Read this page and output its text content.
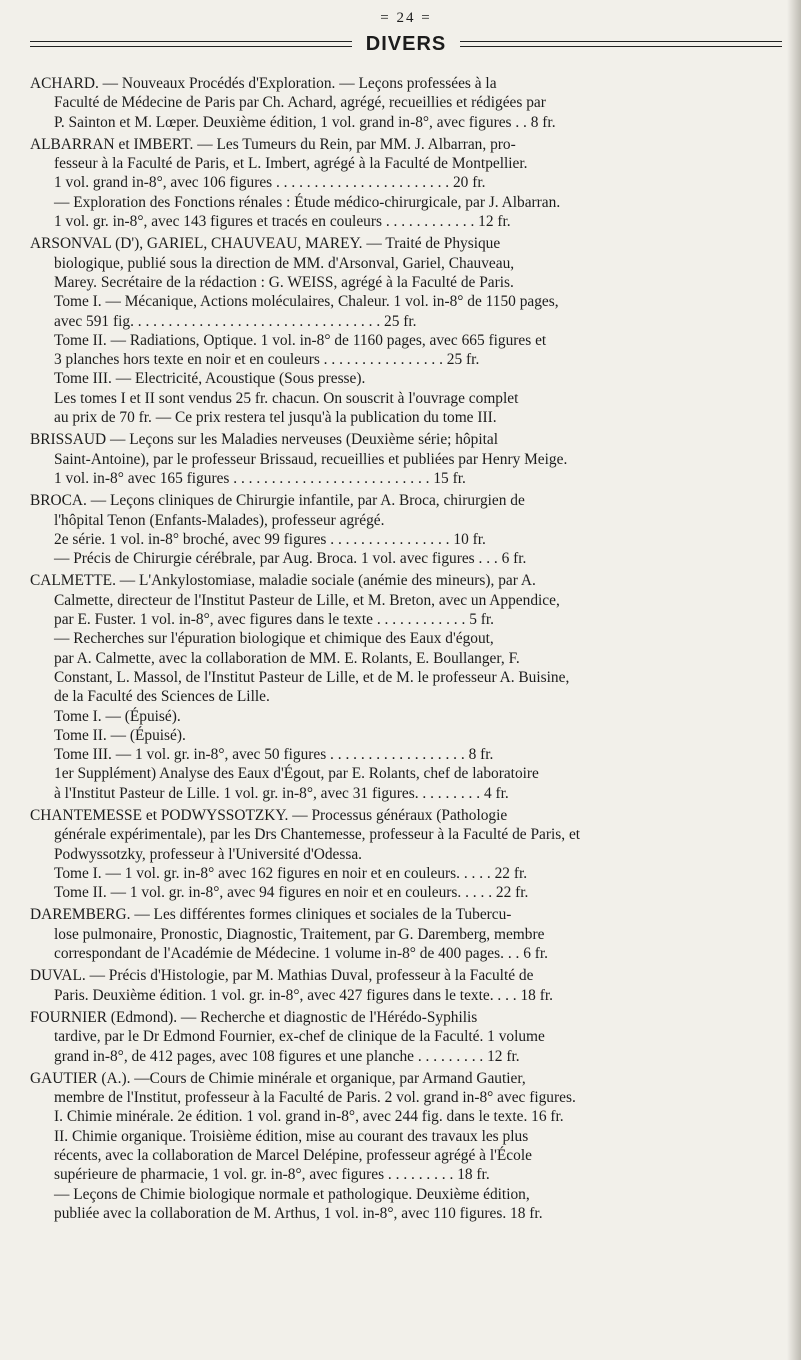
= 24 =
DIVERS
ACHARD. — Nouveaux Procédés d'Exploration. — Leçons professées à la
Faculté de Médecine de Paris par Ch. Achard, agrégé, recueillies et rédigées par
P. Sainton et M. Lœper. Deuxième édition, 1 vol. grand in-8°, avec figures . . 8 fr.
ALBARRAN et IMBERT. — Les Tumeurs du Rein, par MM. J. Albarran, pro-
fesseur à la Faculté de Paris, et L. Imbert, agrégé à la Faculté de Montpellier.
1 vol. grand in-8°, avec 106 figures . . . . . . . . . . . . . . . . . . . . . . . 20 fr.
— Exploration des Fonctions rénales : Étude médico-chirurgicale, par J. Albarran.
1 vol. gr. in-8°, avec 143 figures et tracés en couleurs . . . . . . . . . . . . 12 fr.
ARSONVAL (D'), GARIEL, CHAUVEAU, MAREY. — Traité de Physique
biologique, publié sous la direction de MM. d'Arsonval, Gariel, Chauveau,
Marey. Secrétaire de la rédaction : G. WEISS, agrégé à la Faculté de Paris.
Tome I. — Mécanique, Actions moléculaires, Chaleur. 1 vol. in-8° de 1150 pages,
avec 591 fig. . . . . . . . . . . . . . . . . . . . . . . . . . . . . . . . . 25 fr.
Tome II. — Radiations, Optique. 1 vol. in-8° de 1160 pages, avec 665 figures et
3 planches hors texte en noir et en couleurs . . . . . . . . . . . . . . . . 25 fr.
Tome III. — Electricité, Acoustique (Sous presse).
Les tomes I et II sont vendus 25 fr. chacun. On souscrit à l'ouvrage complet
au prix de 70 fr. — Ce prix restera tel jusqu'à la publication du tome III.
BRISSAUD — Leçons sur les Maladies nerveuses (Deuxième série; hôpital
Saint-Antoine), par le professeur Brissaud, recueillies et publiées par Henry Meige.
1 vol. in-8° avec 165 figures . . . . . . . . . . . . . . . . . . . . . . . . . . 15 fr.
BROCA. — Leçons cliniques de Chirurgie infantile, par A. Broca, chirurgien de
l'hôpital Tenon (Enfants-Malades), professeur agrégé.
2e série. 1 vol. in-8° broché, avec 99 figures . . . . . . . . . . . . . . . . 10 fr.
— Précis de Chirurgie cérébrale, par Aug. Broca. 1 vol. avec figures . . . 6 fr.
CALMETTE. — L'Ankylostomiase, maladie sociale (anémie des mineurs), par A.
Calmette, directeur de l'Institut Pasteur de Lille, et M. Breton, avec un Appendice,
par E. Fuster. 1 vol. in-8°, avec figures dans le texte . . . . . . . . . . . . 5 fr.
— Recherches sur l'épuration biologique et chimique des Eaux d'égout,
par A. Calmette, avec la collaboration de MM. E. Rolants, E. Boullanger, F.
Constant, L. Massol, de l'Institut Pasteur de Lille, et de M. le professeur A. Buisine,
de la Faculté des Sciences de Lille.
Tome I. — (Épuisé).
Tome II. — (Épuisé).
Tome III. — 1 vol. gr. in-8°, avec 50 figures . . . . . . . . . . . . . . . . . . 8 fr.
1er Supplément) Analyse des Eaux d'Égout, par E. Rolants, chef de laboratoire
à l'Institut Pasteur de Lille. 1 vol. gr. in-8°, avec 31 figures. . . . . . . . . 4 fr.
CHANTEMESSE et PODWYSSOTZKY. — Processus généraux (Pathologie
générale expérimentale), par les Drs Chantemesse, professeur à la Faculté de Paris, et
Podwyssotzky, professeur à l'Université d'Odessa.
Tome I. — 1 vol. gr. in-8° avec 162 figures en noir et en couleurs. . . . . 22 fr.
Tome II. — 1 vol. gr. in-8°, avec 94 figures en noir et en couleurs. . . . . 22 fr.
DAREMBERG. — Les différentes formes cliniques et sociales de la Tubercu-
lose pulmonaire, Pronostic, Diagnostic, Traitement, par G. Daremberg, membre
correspondant de l'Académie de Médecine. 1 volume in-8° de 400 pages. . . 6 fr.
DUVAL. — Précis d'Histologie, par M. Mathias Duval, professeur à la Faculté de
Paris. Deuxième édition. 1 vol. gr. in-8°, avec 427 figures dans le texte. . . . 18 fr.
FOURNIER (Edmond). — Recherche et diagnostic de l'Hérédo-Syphilis
tardive, par le Dr Edmond Fournier, ex-chef de clinique de la Faculté. 1 volume
grand in-8°, de 412 pages, avec 108 figures et une planche . . . . . . . . . 12 fr.
GAUTIER (A.). —Cours de Chimie minérale et organique, par Armand Gautier,
membre de l'Institut, professeur à la Faculté de Paris. 2 vol. grand in-8° avec figures.
I. Chimie minérale. 2e édition. 1 vol. grand in-8°, avec 244 fig. dans le texte. 16 fr.
II. Chimie organique. Troisième édition, mise au courant des travaux les plus
récents, avec la collaboration de Marcel Delépine, professeur agrégé à l'École
supérieure de pharmacie, 1 vol. gr. in-8°, avec figures . . . . . . . . . 18 fr.
— Leçons de Chimie biologique normale et pathologique. Deuxième édition,
publiée avec la collaboration de M. Arthus, 1 vol. in-8°, avec 110 figures. 18 fr.
